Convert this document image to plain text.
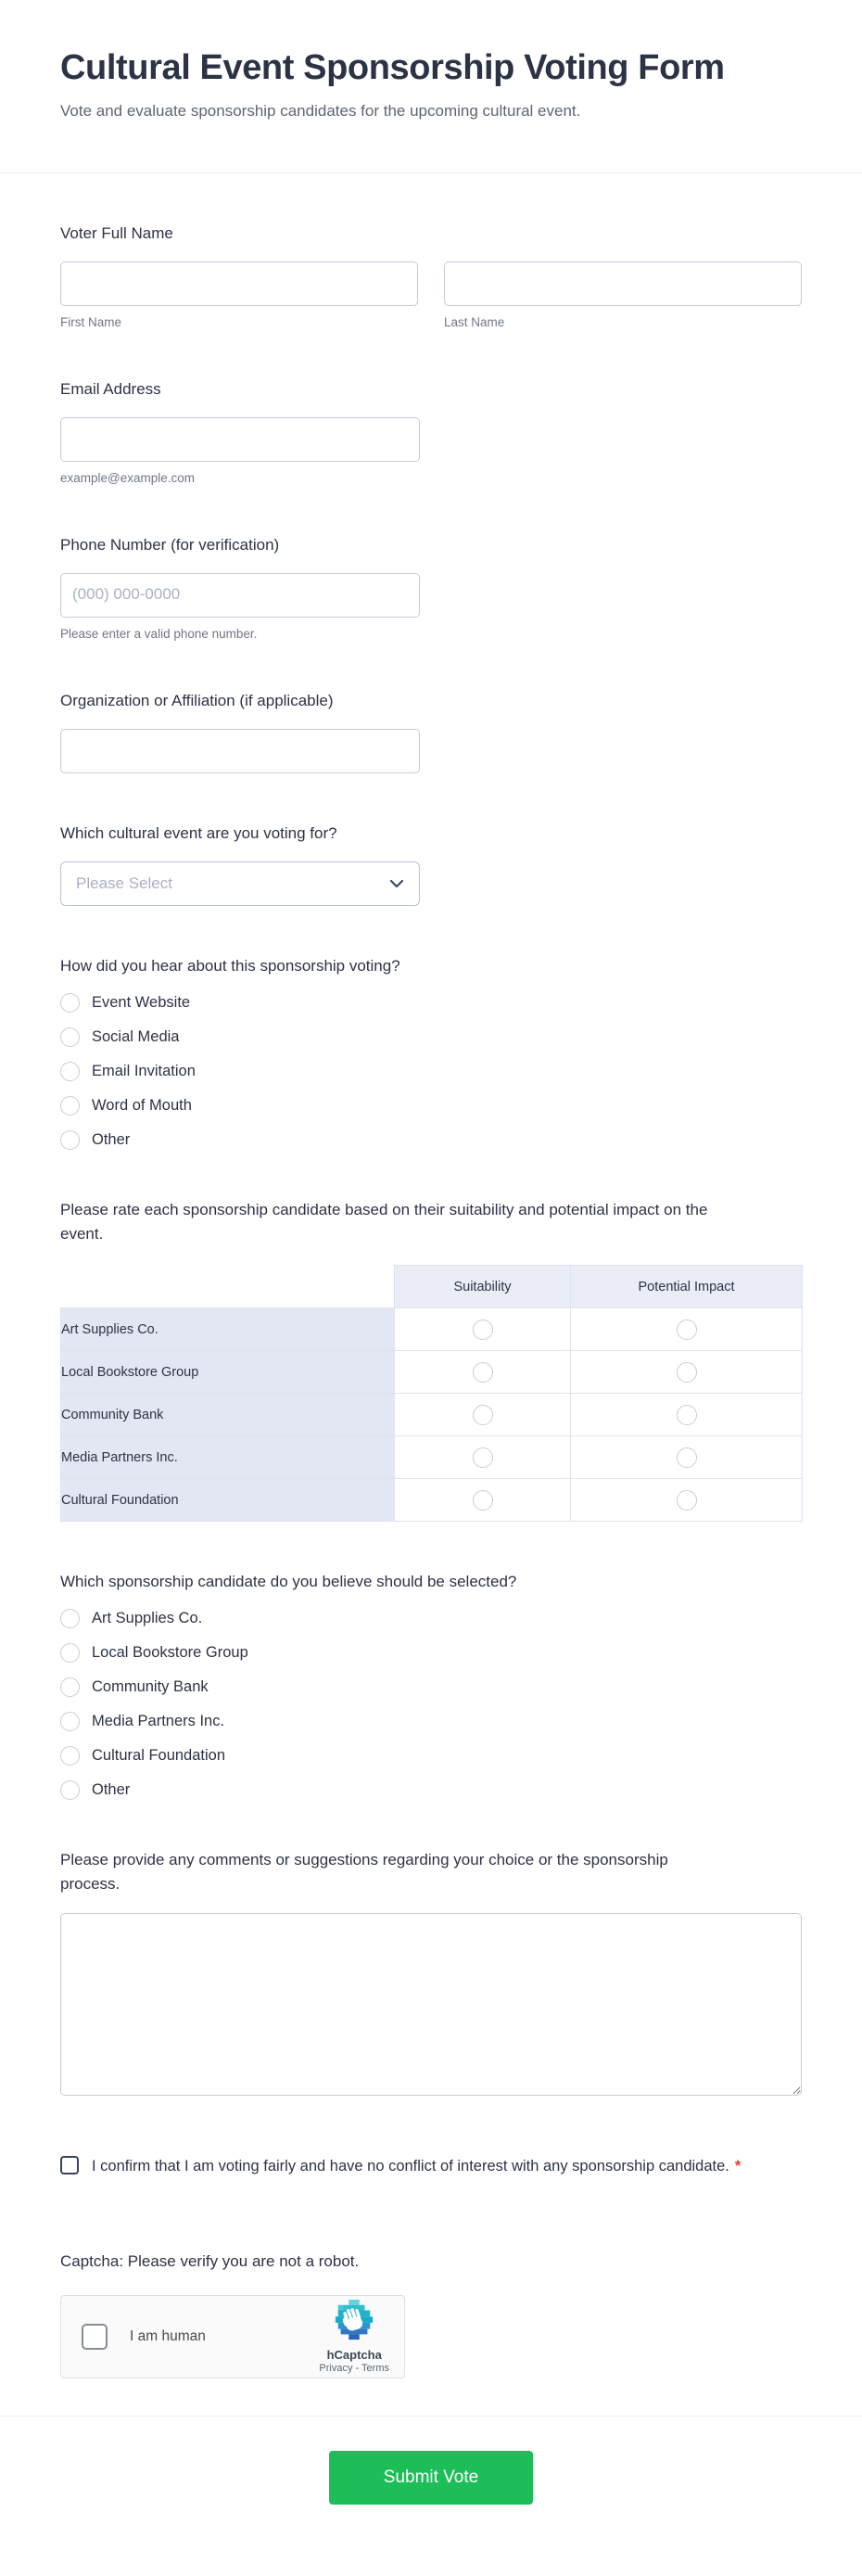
Cultural Event Sponsorship Voting Form

Vote and evaluate sponsorship candidates for the upcoming cultural event.

Voter Full Name
First Name	Last Name
Email Address
example@example.com
Phone Number (for verification)
(000) 000-0000
Please enter a valid phone number.
Organization or Affiliation (if applicable)
Which cultural event are you voting for?
Please Select
How did you hear about this sponsorship voting?
Event Website
Social Media
Email Invitation
Word of Mouth
Other
Please rate each sponsorship candidate based on their suitability and potential impact on the event.
	Suitability	Potential Impact
Art Supplies Co.		
Local Bookstore Group		
Community Bank		
Media Partners Inc.		
Cultural Foundation		
Which sponsorship candidate do you believe should be selected?
Art Supplies Co.
Local Bookstore Group
Community Bank
Media Partners Inc.
Cultural Foundation
Other
Please provide any comments or suggestions regarding your choice or the sponsorship process.
I confirm that I am voting fairly and have no conflict of interest with any sponsorship candidate. *
Captcha: Please verify you are not a robot.
I am human
hCaptcha
Privacy - Terms
Submit Vote
